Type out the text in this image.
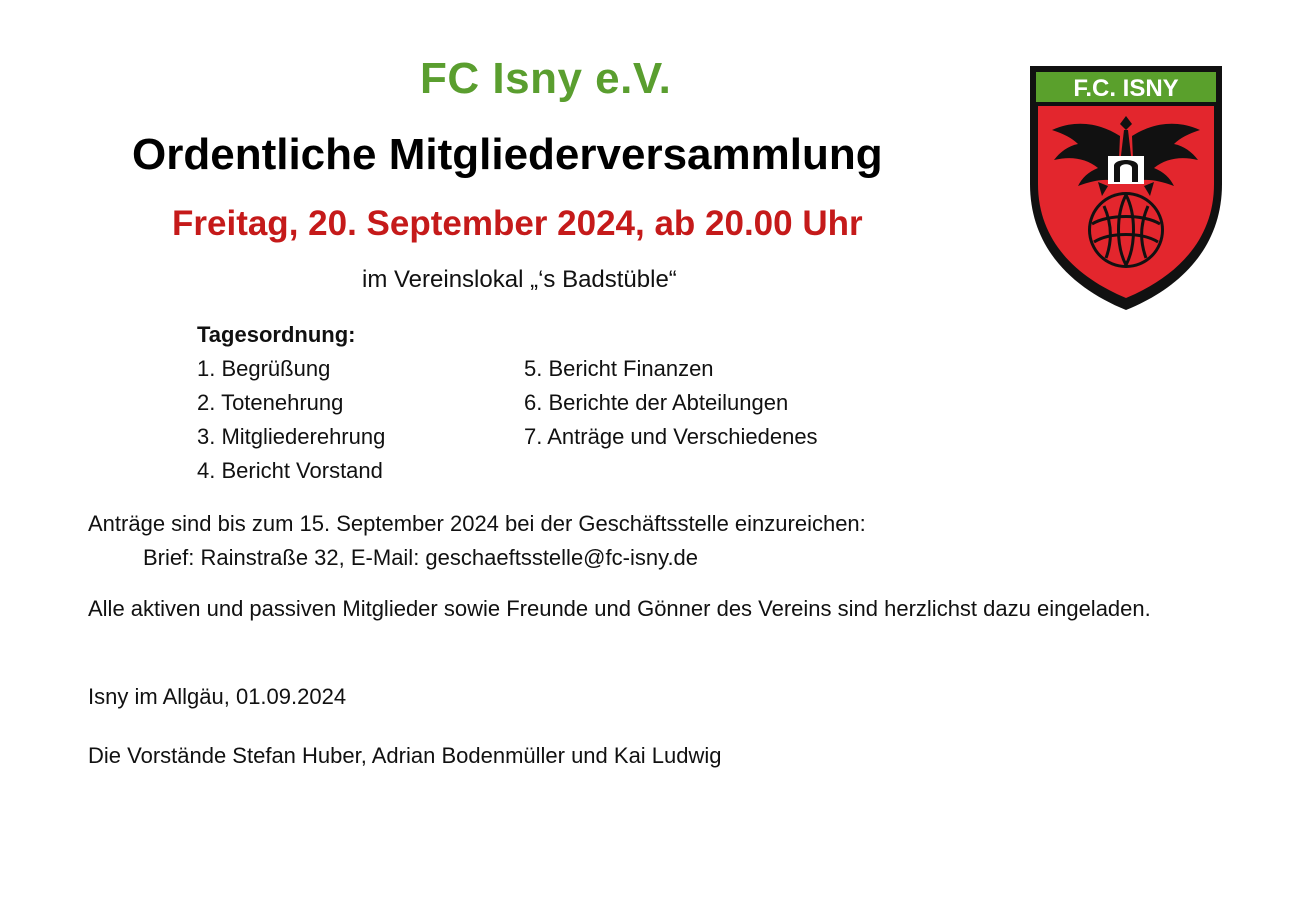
FC Isny e.V.
Ordentliche Mitgliederversammlung
Freitag, 20. September 2024, ab 20.00 Uhr
im Vereinslokal „‘s Badstüble“
F.C. ISNY
Tagesordnung:
1. Begrüßung
2. Totenehrung
3. Mitgliederehrung
4. Bericht Vorstand
5. Bericht Finanzen
6. Berichte der Abteilungen
7. Anträge und Verschiedenes
Anträge sind bis zum 15. September 2024 bei der Geschäftsstelle einzureichen:
Brief: Rainstraße 32, E-Mail: geschaeftsstelle@fc-isny.de
Alle aktiven und passiven Mitglieder sowie Freunde und Gönner des Vereins sind herzlichst dazu eingeladen.
Isny im Allgäu, 01.09.2024
Die Vorstände Stefan Huber, Adrian Bodenmüller und Kai Ludwig
